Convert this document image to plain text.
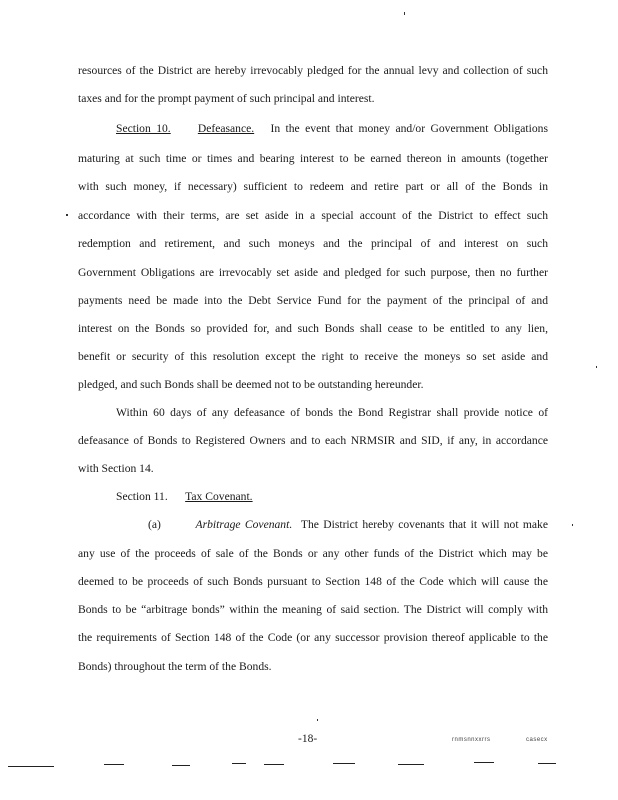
resources of the District are hereby irrevocably pledged for the annual levy and collection of such
taxes and for the prompt payment of such principal and interest.
Section 10. Defeasance. In the event that money and/or Government Obligations
maturing at such time or times and bearing interest to be earned thereon in amounts (together
with such money, if necessary) sufficient to redeem and retire part or all of the Bonds in
accordance with their terms, are set aside in a special account of the District to effect such
redemption and retirement, and such moneys and the principal of and interest on such
Government Obligations are irrevocably set aside and pledged for such purpose, then no further
payments need be made into the Debt Service Fund for the payment of the principal of and
interest on the Bonds so provided for, and such Bonds shall cease to be entitled to any lien,
benefit or security of this resolution except the right to receive the moneys so set aside and
pledged, and such Bonds shall be deemed not to be outstanding hereunder.
Within 60 days of any defeasance of bonds the Bond Registrar shall provide notice of
defeasance of Bonds to Registered Owners and to each NRMSIR and SID, if any, in accordance
with Section 14.
Section 11. Tax Covenant.
(a)	Arbitrage Covenant. The District hereby covenants that it will not make
any use of the proceeds of sale of the Bonds or any other funds of the District which may be
deemed to be proceeds of such Bonds pursuant to Section 148 of the Code which will cause the
Bonds to be “arbitrage bonds” within the meaning of said section. The District will comply with
the requirements of Section 148 of the Code (or any successor provision thereof applicable to the
Bonds) throughout the term of the Bonds.
-18-	rnmsnnxxrrs	casecx
